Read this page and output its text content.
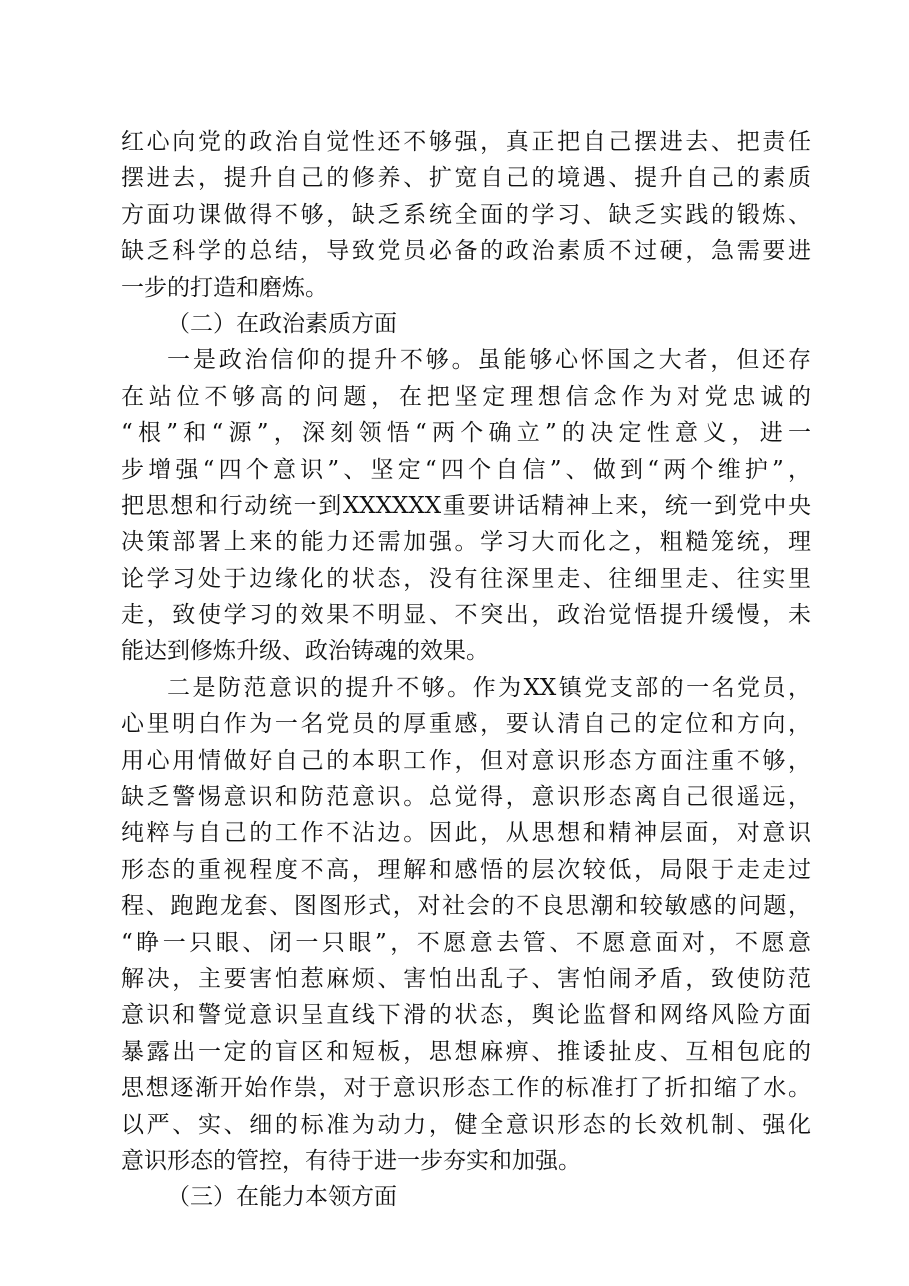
红心向党的政治自觉性还不够强，真正把自己摆进去、把责任
摆进去，提升自己的修养、扩宽自己的境遇、提升自己的素质
方面功课做得不够，缺乏系统全面的学习、缺乏实践的锻炼、
缺乏科学的总结，导致党员必备的政治素质不过硬，急需要进
一步的打造和磨炼。
（二）在政治素质方面
一是政治信仰的提升不够。虽能够心怀国之大者，但还存
在站位不够高的问题，在把坚定理想信念作为对党忠诚的
“根”和“源”，深刻领悟“两个确立”的决定性意义，进一
步增强“四个意识”、坚定“四个自信”、做到“两个维护”，
把思想和行动统一到XXXXXX重要讲话精神上来，统一到党中央
决策部署上来的能力还需加强。学习大而化之，粗糙笼统，理
论学习处于边缘化的状态，没有往深里走、往细里走、往实里
走，致使学习的效果不明显、不突出，政治觉悟提升缓慢，未
能达到修炼升级、政治铸魂的效果。
二是防范意识的提升不够。作为XX镇党支部的一名党员，
心里明白作为一名党员的厚重感，要认清自己的定位和方向，
用心用情做好自己的本职工作，但对意识形态方面注重不够，
缺乏警惕意识和防范意识。总觉得，意识形态离自己很遥远，
纯粹与自己的工作不沾边。因此，从思想和精神层面，对意识
形态的重视程度不高，理解和感悟的层次较低，局限于走走过
程、跑跑龙套、图图形式，对社会的不良思潮和较敏感的问题，
“睁一只眼、闭一只眼”，不愿意去管、不愿意面对，不愿意
解决，主要害怕惹麻烦、害怕出乱子、害怕闹矛盾，致使防范
意识和警觉意识呈直线下滑的状态，舆论监督和网络风险方面
暴露出一定的盲区和短板，思想麻痹、推诿扯皮、互相包庇的
思想逐渐开始作祟，对于意识形态工作的标准打了折扣缩了水。
以严、实、细的标准为动力，健全意识形态的长效机制、强化
意识形态的管控，有待于进一步夯实和加强。
（三）在能力本领方面
